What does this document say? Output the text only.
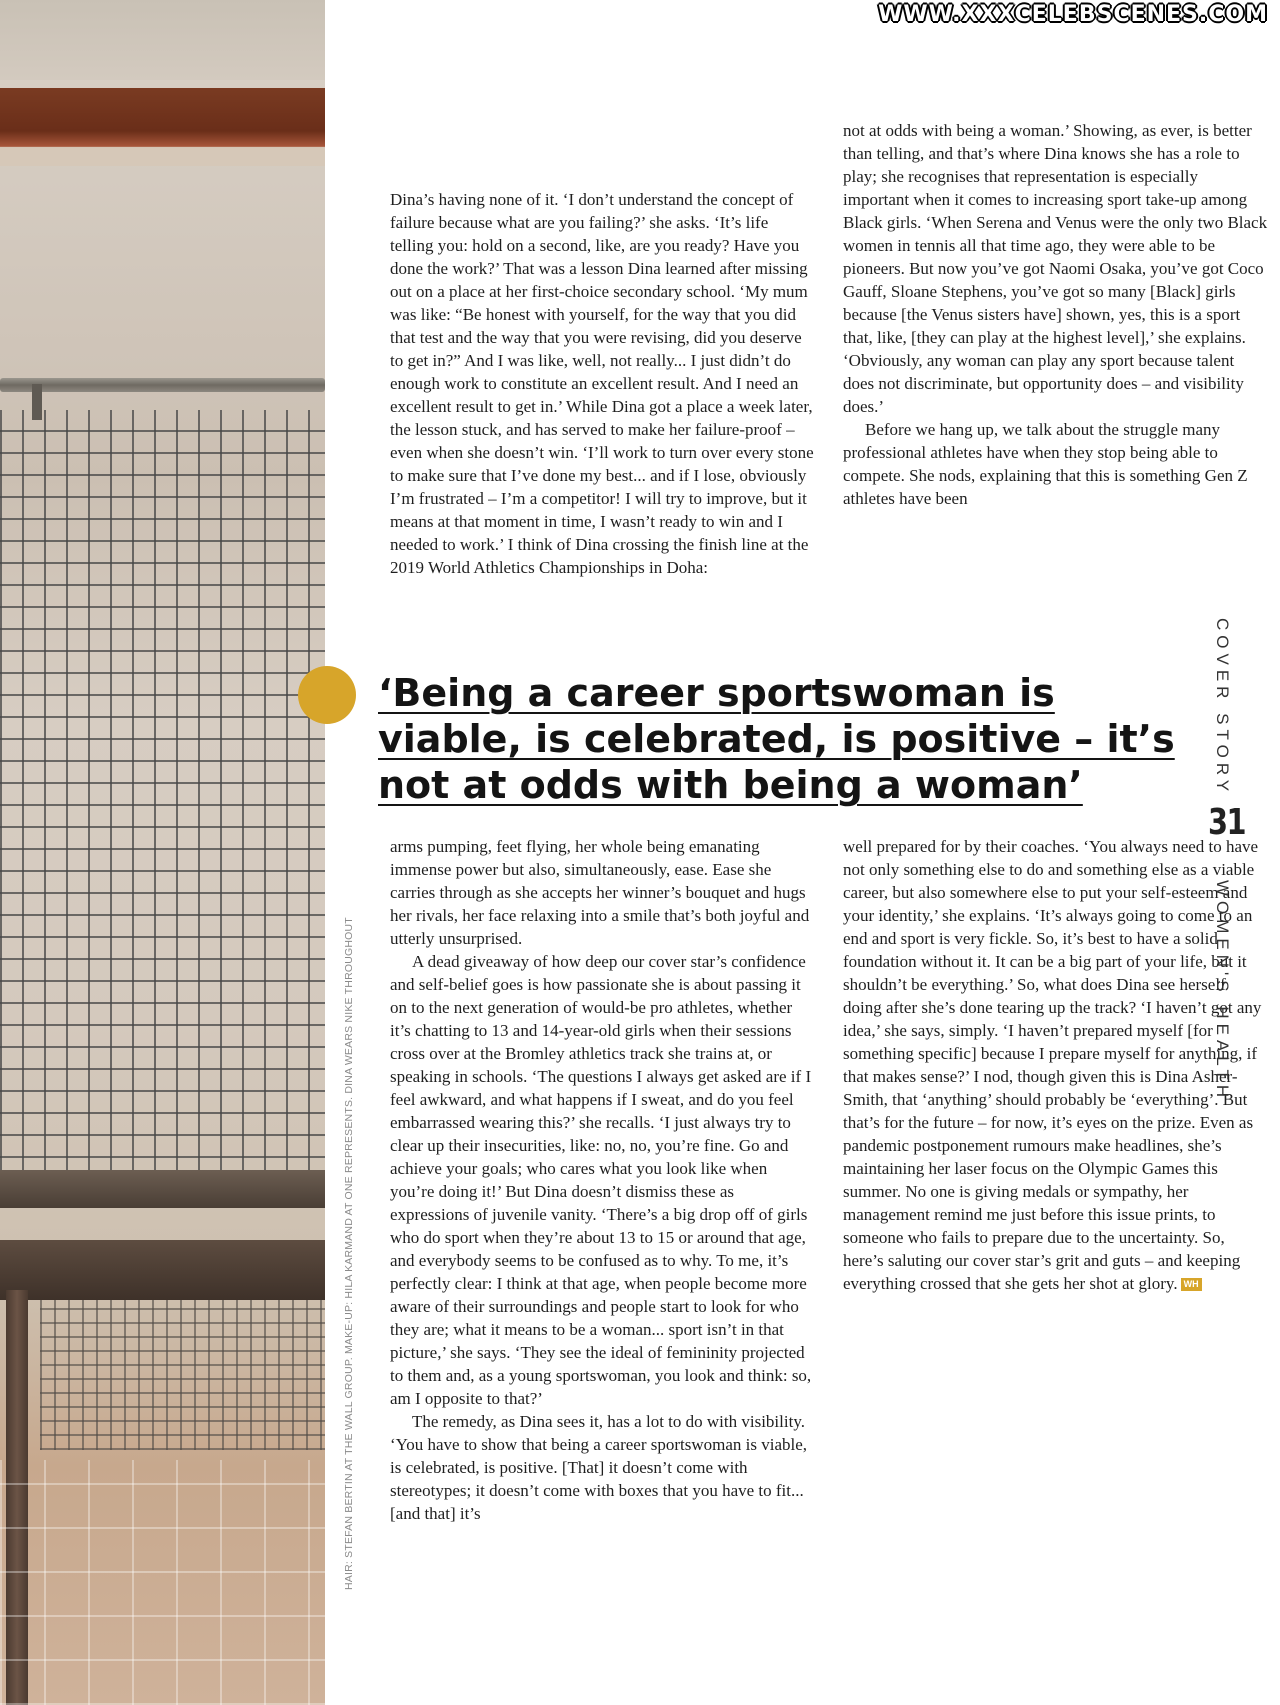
WWW.XXXCELEBSCENES.COM
HAIR: STEFAN BERTIN AT THE WALL GROUP. MAKE-UP: HILA KARMAND AT ONE REPRESENTS. DINA WEARS NIKE THROUGHOUT

Dina’s having none of it. ‘I don’t understand the concept of failure because what are you failing?’ she asks. ‘It’s life telling you: hold on a second, like, are you ready? Have you done the work?’ That was a lesson Dina learned after missing out on a place at her first-choice secondary school. ‘My mum was like: “Be honest with yourself, for the way that you did that test and the way that you were revising, did you deserve to get in?” And I was like, well, not really... I just didn’t do enough work to constitute an excellent result. And I need an excellent result to get in.’ While Dina got a place a week later, the lesson stuck, and has served to make her failure-proof – even when she doesn’t win. ‘I’ll work to turn over every stone to make sure that I’ve done my best... and if I lose, obviously I’m frustrated – I’m a competitor! I will try to improve, but it means at that moment in time, I wasn’t ready to win and I needed to work.’ I think of Dina crossing the finish line at the 2019 World Athletics Championships in Doha:

not at odds with being a woman.’ Showing, as ever, is better than telling, and that’s where Dina knows she has a role to play; she recognises that representation is especially important when it comes to increasing sport take-up among Black girls. ‘When Serena and Venus were the only two Black women in tennis all that time ago, they were able to be pioneers. But now you’ve got Naomi Osaka, you’ve got Coco Gauff, Sloane Stephens, you’ve got so many [Black] girls because [the Venus sisters have] shown, yes, this is a sport that, like, [they can play at the highest level],’ she explains. ‘Obviously, any woman can play any sport because talent does not discriminate, but opportunity does – and visibility does.’

Before we hang up, we talk about the struggle many professional athletes have when they stop being able to compete. She nods, explaining that this is something Gen Z athletes have been

‘Being a career sportswoman is viable, is celebrated, is positive – it’s not at odds with being a woman’

arms pumping, feet flying, her whole being emanating immense power but also, simultaneously, ease. Ease she carries through as she accepts her winner’s bouquet and hugs her rivals, her face relaxing into a smile that’s both joyful and utterly unsurprised.

A dead giveaway of how deep our cover star’s confidence and self-belief goes is how passionate she is about passing it on to the next generation of would-be pro athletes, whether it’s chatting to 13 and 14-year-old girls when their sessions cross over at the Bromley athletics track she trains at, or speaking in schools. ‘The questions I always get asked are if I feel awkward, and what happens if I sweat, and do you feel embarrassed wearing this?’ she recalls. ‘I just always try to clear up their insecurities, like: no, no, you’re fine. Go and achieve your goals; who cares what you look like when you’re doing it!’ But Dina doesn’t dismiss these as expressions of juvenile vanity. ‘There’s a big drop off of girls who do sport when they’re about 13 to 15 or around that age, and everybody seems to be confused as to why. To me, it’s perfectly clear: I think at that age, when people become more aware of their surroundings and people start to look for who they are; what it means to be a woman... sport isn’t in that picture,’ she says. ‘They see the ideal of femininity projected to them and, as a young sportswoman, you look and think: so, am I opposite to that?’

The remedy, as Dina sees it, has a lot to do with visibility. ‘You have to show that being a career sportswoman is viable, is celebrated, is positive. [That] it doesn’t come with stereotypes; it doesn’t come with boxes that you have to fit...[and that] it’s

well prepared for by their coaches. ‘You always need to have not only something else to do and something else as a viable career, but also somewhere else to put your self-esteem and your identity,’ she explains. ‘It’s always going to come to an end and sport is very fickle. So, it’s best to have a solid foundation without it. It can be a big part of your life, but it shouldn’t be everything.’ So, what does Dina see herself doing after she’s done tearing up the track? ‘I haven’t got any idea,’ she says, simply. ‘I haven’t prepared myself [for something specific] because I prepare myself for anything, if that makes sense?’ I nod, though given this is Dina Asher-Smith, that ‘anything’ should probably be ‘everything’. But that’s for the future – for now, it’s eyes on the prize. Even as pandemic postponement rumours make headlines, she’s maintaining her laser focus on the Olympic Games this summer. No one is giving medals or sympathy, her management remind me just before this issue prints, to someone who fails to prepare due to the uncertainty. So, here’s saluting our cover star’s grit and guts – and keeping everything crossed that she gets her shot at glory. WH

COVER STORY
31
WOMEN'S HEALTH
